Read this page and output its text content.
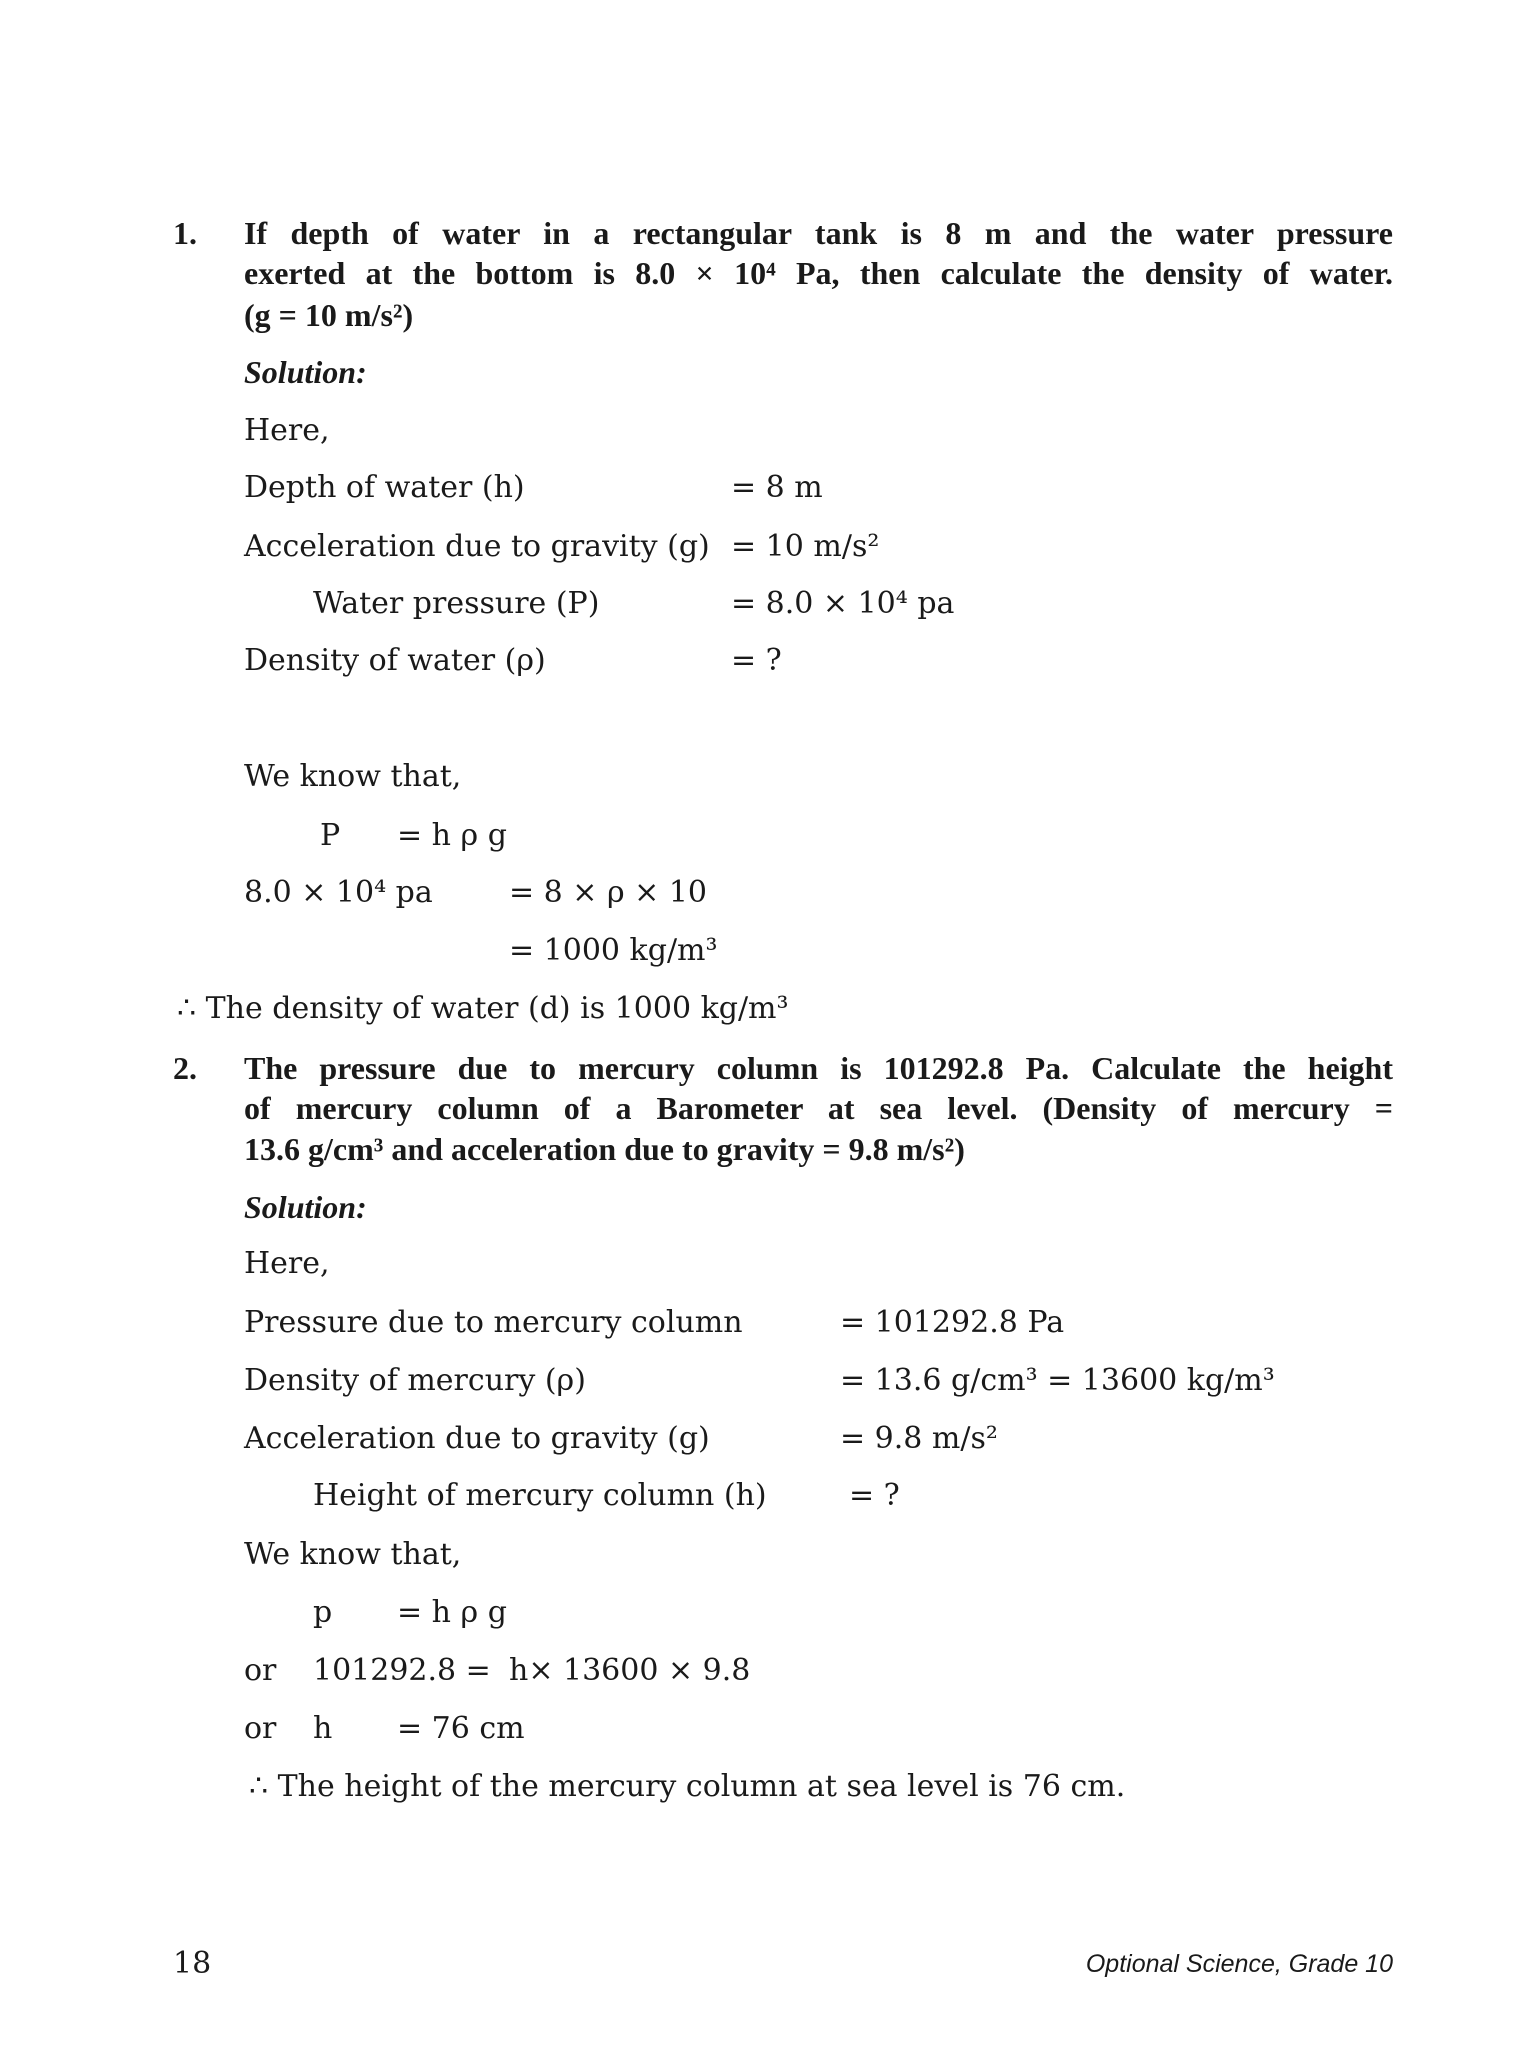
1. If depth of water in a rectangular tank is 8 m and the water pressure
exerted at the bottom is 8.0 × 10⁴ Pa, then calculate the density of water.
(g = 10 m/s²)
Solution:
Here,
Depth of water (h)	= 8 m
Acceleration due to gravity (g) = 10 m/s²
Water pressure (P)	= 8.0 × 10⁴ pa
Density of water (ρ)	= ?
We know that,
P = h ρ g
8.0 × 10⁴ pa	= 8 × ρ × 10
= 1000 kg/m³
∴ The density of water (d) is 1000 kg/m³
2. The pressure due to mercury column is 101292.8 Pa. Calculate the height
of mercury column of a Barometer at sea level. (Density of mercury =
13.6 g/cm³ and acceleration due to gravity = 9.8 m/s²)
Solution:
Here,
Pressure due to mercury column	= 101292.8 Pa
Density of mercury (ρ)	= 13.6 g/cm³ = 13600 kg/m³
Acceleration due to gravity (g)	= 9.8 m/s²
Height of mercury column (h)	= ?
We know that,
p = h ρ g
or 101292.8 = h× 13600 × 9.8
or h = 76 cm
∴ The height of the mercury column at sea level is 76 cm.
18	Optional Science, Grade 10
